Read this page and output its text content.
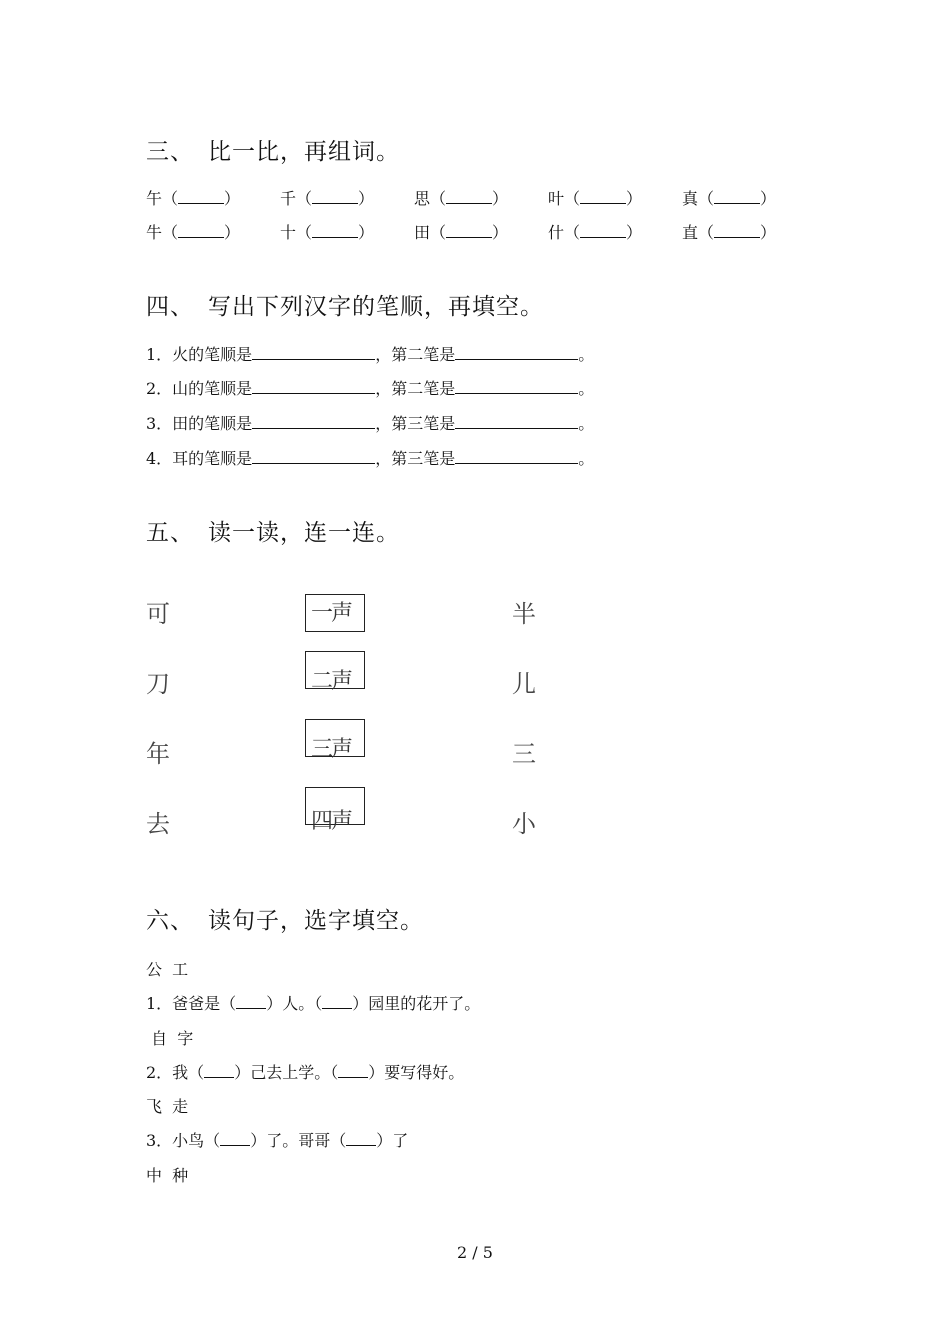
三、 比一比，再组词。
午（	） 千（	） 思（	） 叶（	） 真（	）
牛（	） 十（	） 田（	） 什（	） 直（	）
四、 写出下列汉字的笔顺，再填空。
1．火的笔顺是	，第二笔是	。
2．山的笔顺是	，第二笔是	。
3．田的笔顺是	，第三笔是	。
4．耳的笔顺是	，第三笔是	。
五、 读一读，连一连。
可
刀
年
去
一声
二声
三声
四声
半
儿
三
小
六、 读句子，选字填空。
公  工
1．爸爸是（ ）人。（ ）园里的花开了。
自  字
2．我（ ）己去上学。（ ）要写得好。
飞  走
3．小鸟（ ）了。哥哥（ ）了
中  种
2 / 5
